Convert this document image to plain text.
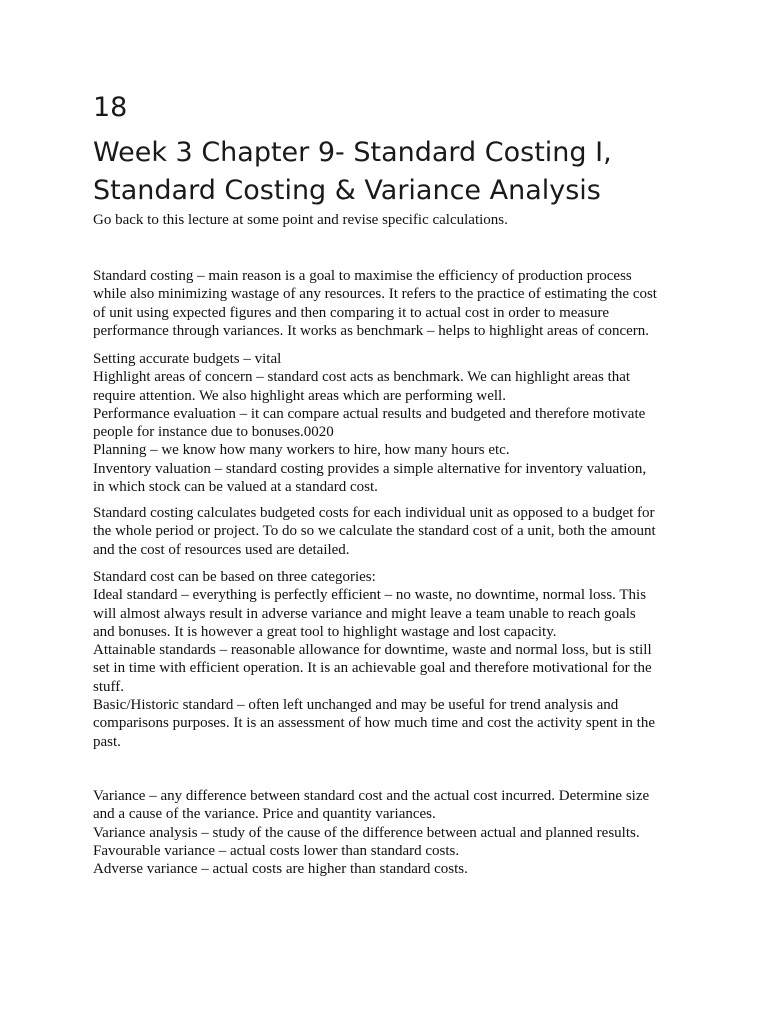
18
Week 3 Chapter 9- Standard Costing I,
Standard Costing & Variance Analysis
Go back to this lecture at some point and revise specific calculations.
Standard costing – main reason is a goal to maximise the efficiency of production process
while also minimizing wastage of any resources. It refers to the practice of estimating the cost
of unit using expected figures and then comparing it to actual cost in order to measure
performance through variances. It works as benchmark – helps to highlight areas of concern.
Setting accurate budgets – vital
Highlight areas of concern – standard cost acts as benchmark. We can highlight areas that
require attention. We also highlight areas which are performing well.
Performance evaluation – it can compare actual results and budgeted and therefore motivate
people for instance due to bonuses.0020
Planning – we know how many workers to hire, how many hours etc.
Inventory valuation – standard costing provides a simple alternative for inventory valuation,
in which stock can be valued at a standard cost.
Standard costing calculates budgeted costs for each individual unit as opposed to a budget for
the whole period or project. To do so we calculate the standard cost of a unit, both the amount
and the cost of resources used are detailed.
Standard cost can be based on three categories:
Ideal standard – everything is perfectly efficient – no waste, no downtime, normal loss. This
will almost always result in adverse variance and might leave a team unable to reach goals
and bonuses. It is however a great tool to highlight wastage and lost capacity.
Attainable standards – reasonable allowance for downtime, waste and normal loss, but is still
set in time with efficient operation. It is an achievable goal and therefore motivational for the
stuff.
Basic/Historic standard – often left unchanged and may be useful for trend analysis and
comparisons purposes. It is an assessment of how much time and cost the activity spent in the
past.
Variance – any difference between standard cost and the actual cost incurred. Determine size
and a cause of the variance. Price and quantity variances.
Variance analysis – study of the cause of the difference between actual and planned results.
Favourable variance – actual costs lower than standard costs.
Adverse variance – actual costs are higher than standard costs.
